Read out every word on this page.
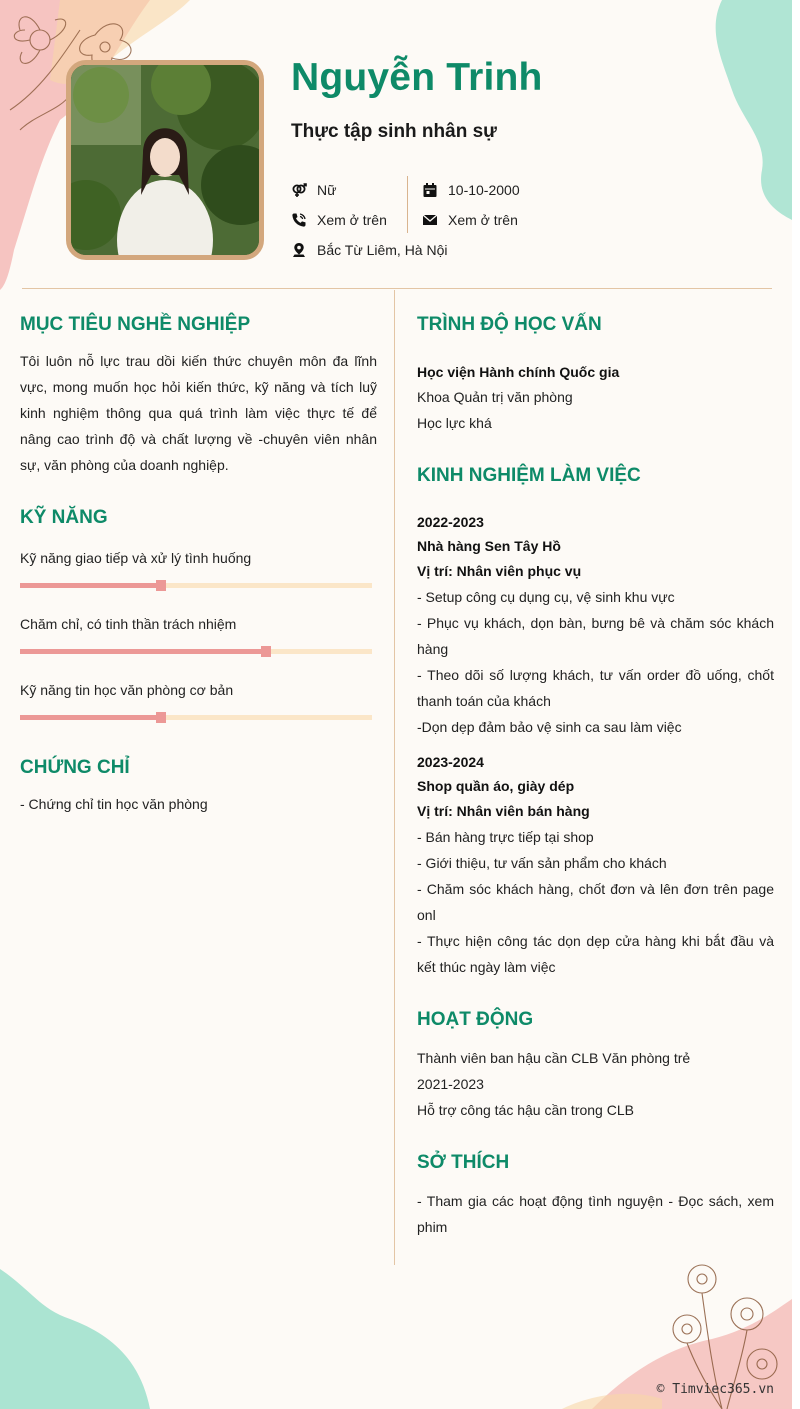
Nguyễn Trinh
Thực tập sinh nhân sự
Nữ
Xem ở trên
Bắc Từ Liêm, Hà Nội
10-10-2000
Xem ở trên
MỤC TIÊU NGHỀ NGHIỆP

Tôi luôn nỗ lực trau dồi kiến thức chuyên môn đa lĩnh vực, mong muốn học hỏi kiến thức, kỹ năng và tích luỹ kinh nghiệm thông qua quá trình làm việc thực tế để nâng cao trình độ và chất lượng về -chuyên viên nhân sự, văn phòng của doanh nghiệp.

KỸ NĂNG
Kỹ năng giao tiếp và xử lý tình huống
Chăm chỉ, có tinh thần trách nhiệm
Kỹ năng tin học văn phòng cơ bản
CHỨNG CHỈ
- Chứng chỉ tin học văn phòng
TRÌNH ĐỘ HỌC VẤN
Học viện Hành chính Quốc gia
Khoa Quản trị văn phòng
Học lực khá
KINH NGHIỆM LÀM VIỆC
2022-2023
Nhà hàng Sen Tây Hồ
Vị trí: Nhân viên phục vụ
- Setup công cụ dụng cụ, vệ sinh khu vực

- Phục vụ khách, dọn bàn, bưng bê và chăm sóc khách hàng

- Theo dõi số lượng khách, tư vấn order đồ uống, chốt thanh toán của khách

-Dọn dẹp đảm bảo vệ sinh ca sau làm việc
2023-2024
Shop quần áo, giày dép
Vị trí: Nhân viên bán hàng
- Bán hàng trực tiếp tại shop
- Giới thiệu, tư vấn sản phẩm cho khách

- Chăm sóc khách hàng, chốt đơn và lên đơn trên page onl

- Thực hiện công tác dọn dẹp cửa hàng khi bắt đầu và kết thúc ngày làm việc

HOẠT ĐỘNG
Thành viên ban hậu cần CLB Văn phòng trẻ
2021-2023
Hỗ trợ công tác hậu cần trong CLB
SỞ THÍCH

- Tham gia các hoạt động tình nguyện - Đọc sách, xem phim

© Timviec365.vn
